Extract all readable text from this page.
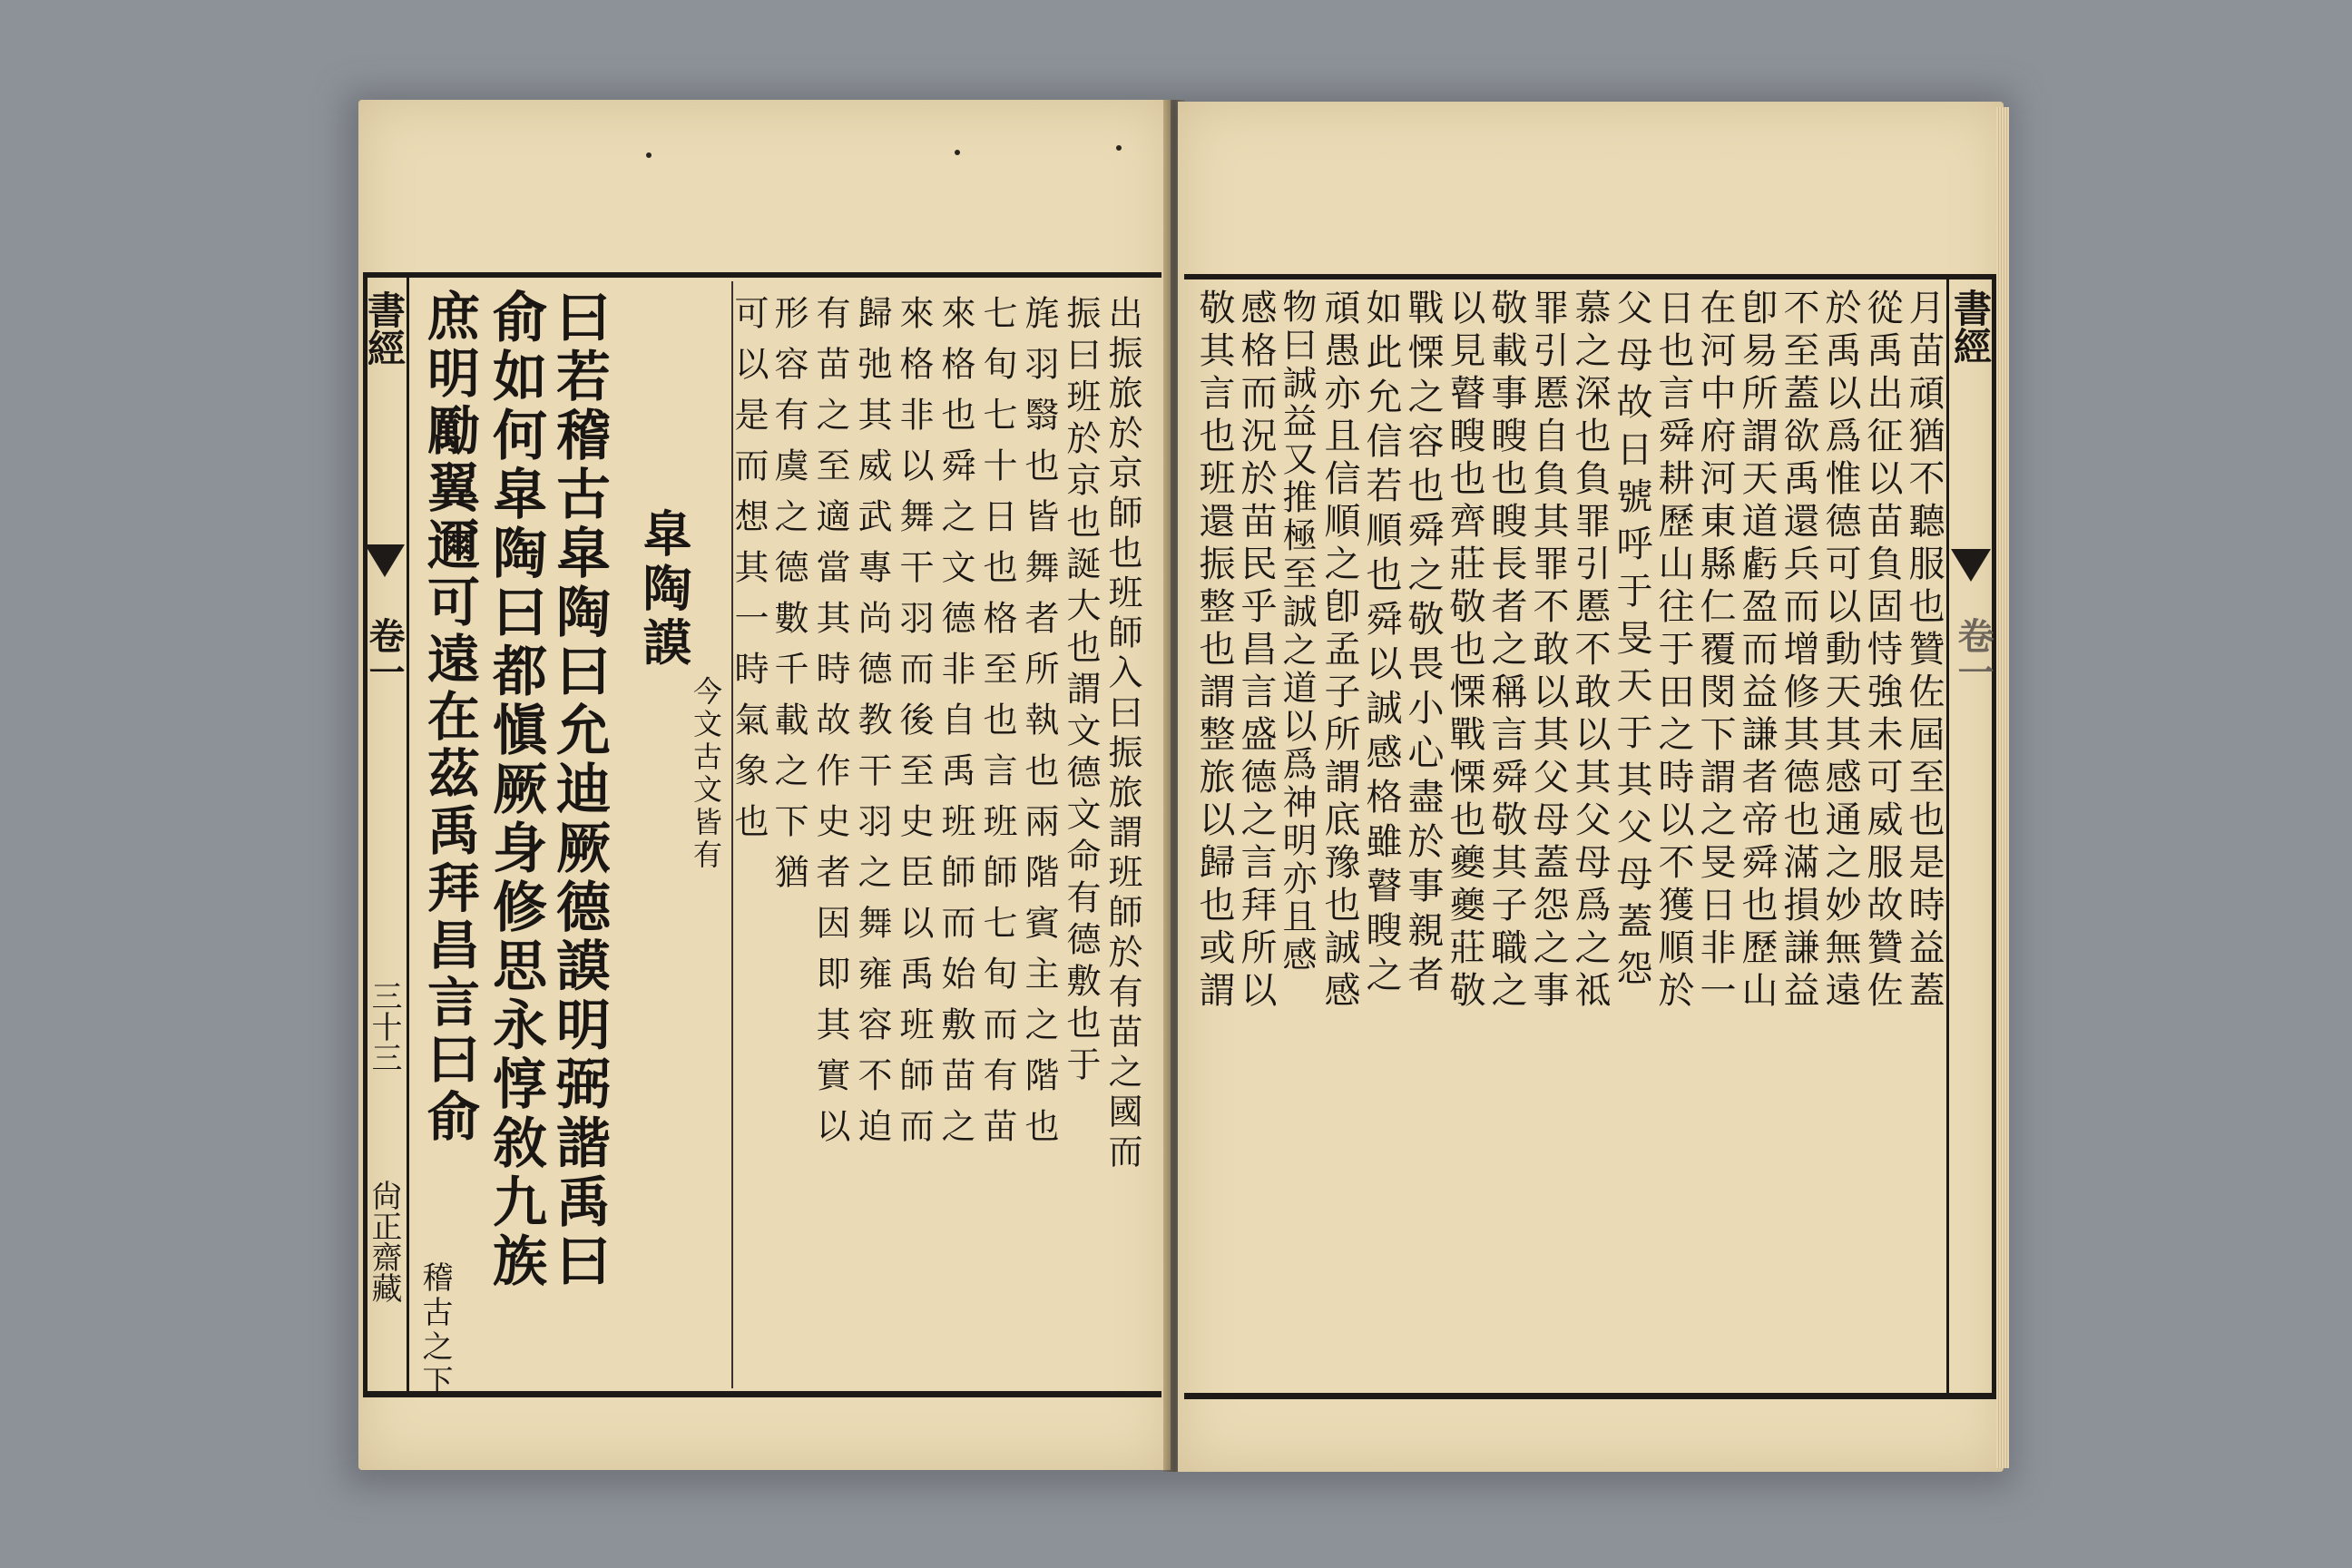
書經
卷一
三十三
尙正齋藏	曰若稽古皐陶曰允迪厥德謨明弼諧禹曰
俞如何皐陶曰都愼厥身修思永惇敘九族
庶明勵翼邇可遠在茲禹拜昌言曰俞
稽古之下
皐陶謨
今文古文皆有	出振旅於京師也班師入曰振旅謂班師於有苗之國而
振曰班於京也誕大也謂文德文命有德敷也于
旄羽翳也皆舞者所執也兩階賓主之階也
七旬七十日也格至也言班師七旬而有苗
來格也舜之文德非自禹班師而始敷苗之
來格非以舞干羽而後至史臣以禹班師而
歸弛其威武專尚德教干羽之舞雍容不迫
有苗之至適當其時故作史者因即其實以
形容有虞之德數千載之下猶
可以是而想其一時氣象也	書經
卷一
月苗頑猶不聽服也贊佐屆至也是時益蓋
從禹出征以苗負固恃強未可威服故贊佐
於禹以爲惟德可以動天其感通之妙無遠
不至蓋欲禹還兵而增修其德也滿損謙益
卽易所謂天道虧盈而益謙者帝舜也歷山
在河中府河東縣仁覆閔下謂之旻日非一
日也言舜耕歷山往于田之時以不獲順於
父母故日號呼于旻天于其父母蓋怨
慕之深也負罪引慝不敢以其父母爲之祗
罪引慝自負其罪不敢以其父母蓋怨之事
敬載事瞍也瞍長者之稱言舜敬其子職之
以見瞽瞍也齊莊敬也慄戰慄也夔夔莊敬
戰慄之容也舜之敬畏小心盡於事親者
如此允信若順也舜以誠感格雖瞽瞍之
頑愚亦且信順之卽孟子所謂底豫也誠感
物曰誠益又推極至誠之道以爲神明亦且感
感格而況於苗民乎昌言盛德之言拜所以
敬其言也班還振整也謂整旅以歸也或謂
